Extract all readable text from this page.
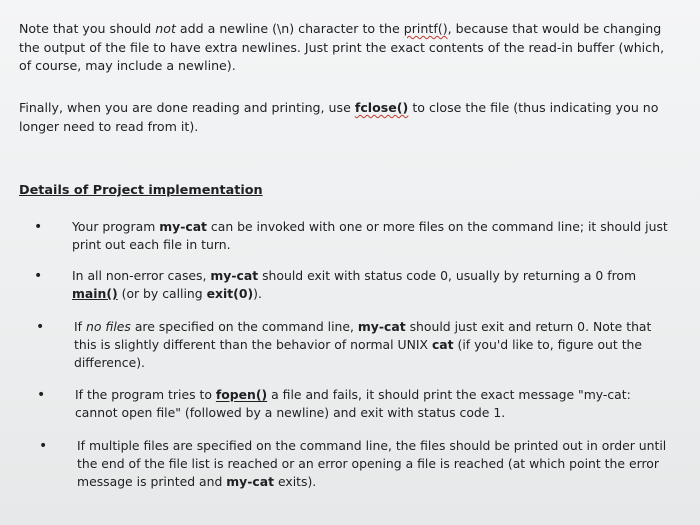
Note that you should not add a newline (\n) character to the printf(), because that would be changing the output of the file to have extra newlines. Just print the exact contents of the read-in buffer (which, of course, may include a newline).

Finally, when you are done reading and printing, use fclose() to close the file (thus indicating you no longer need to read from it).

Details of Project implementation
• Your program my-cat can be invoked with one or more files on the command line; it should just print out each file in turn.
• In all non-error cases, my-cat should exit with status code 0, usually by returning a 0 from main() (or by calling exit(0)).
• If no files are specified on the command line, my-cat should just exit and return 0. Note that this is slightly different than the behavior of normal UNIX cat (if you'd like to, figure out the difference).
• If the program tries to fopen() a file and fails, it should print the exact message "my-cat: cannot open file" (followed by a newline) and exit with status code 1.
• If multiple files are specified on the command line, the files should be printed out in order until the end of the file list is reached or an error opening a file is reached (at which point the error message is printed and my-cat exits).
